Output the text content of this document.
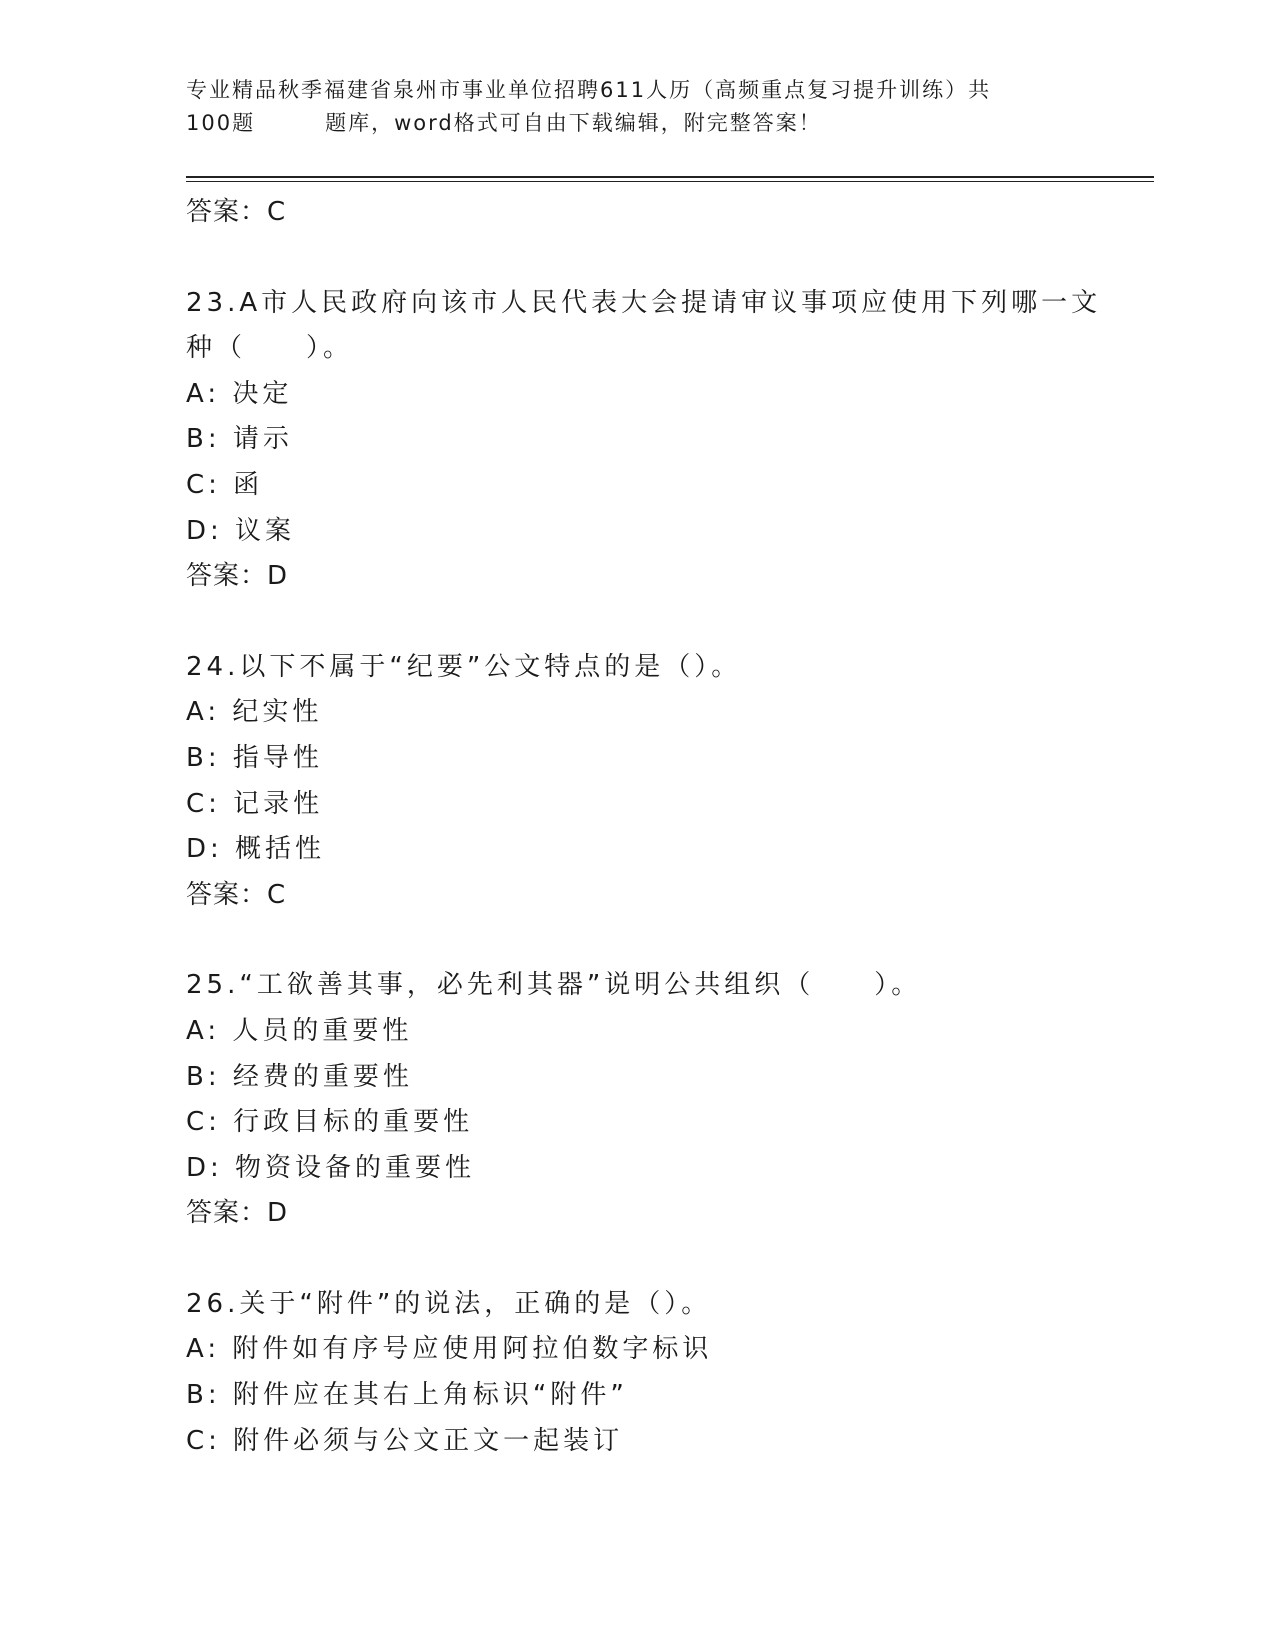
专业精品秋季福建省泉州市事业单位招聘611人历（高频重点复习提升训练）共
100题	题库，word格式可自由下载编辑，附完整答案！
答案：C
23.A市人民政府向该市人民代表大会提请审议事项应使用下列哪一文
种（　　）。
A: 决定
B: 请示
C: 函
D: 议案
答案：D
24.以下不属于“纪要”公文特点的是（）。
A: 纪实性
B: 指导性
C: 记录性
D: 概括性
答案：C
25.“工欲善其事，必先利其器”说明公共组织（　　）。
A: 人员的重要性
B: 经费的重要性
C: 行政目标的重要性
D: 物资设备的重要性
答案：D
26.关于“附件”的说法，正确的是（）。
A: 附件如有序号应使用阿拉伯数字标识
B: 附件应在其右上角标识“附件”
C: 附件必须与公文正文一起装订
